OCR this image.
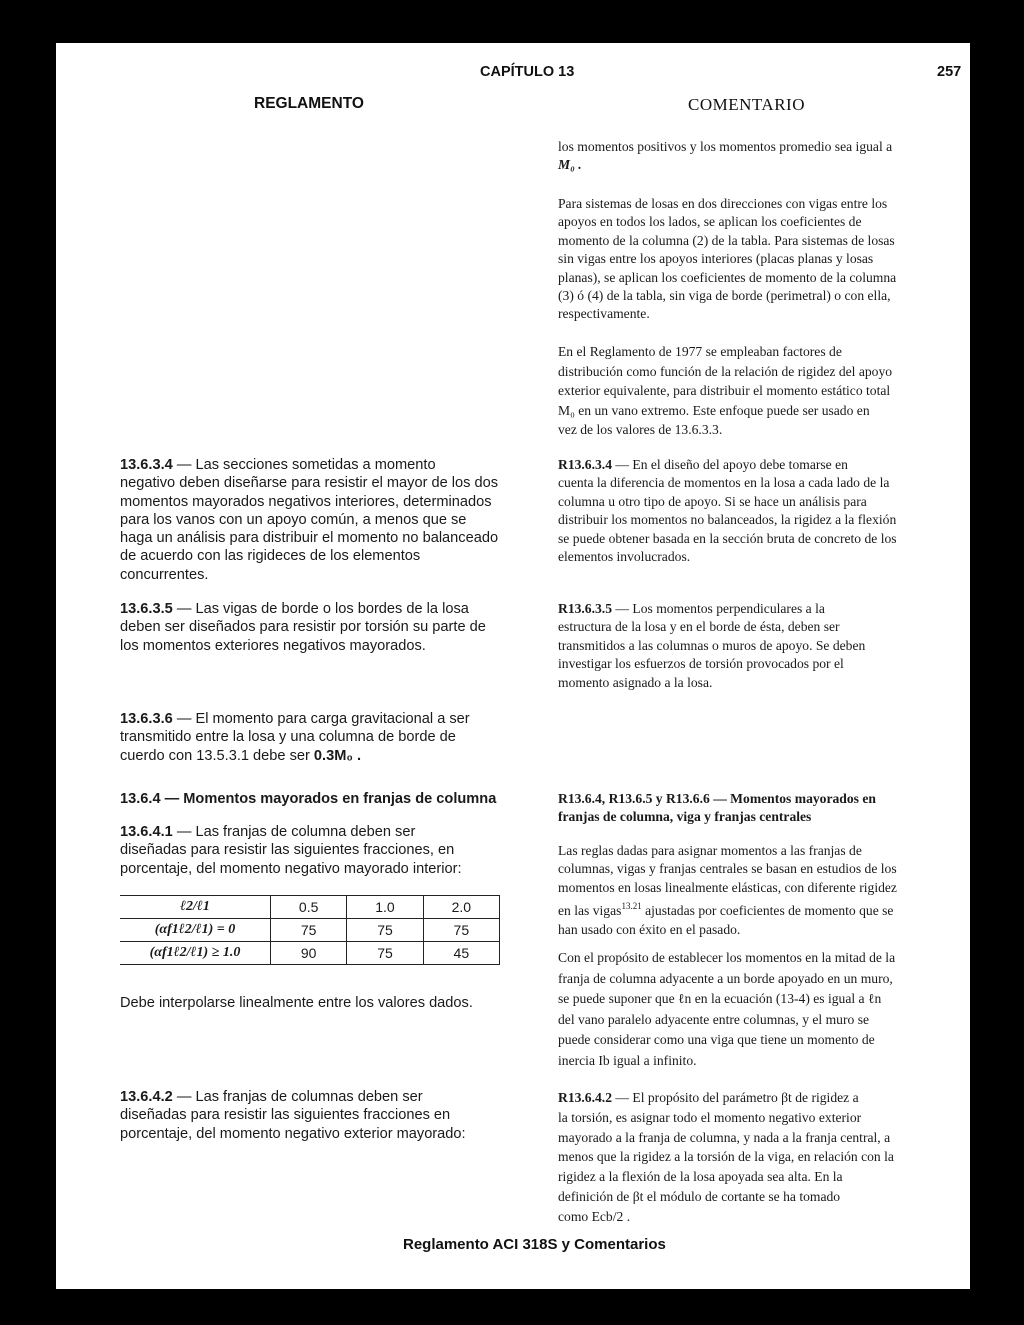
CAPÍTULO 13	257
REGLAMENTO	COMENTARIO
los momentos positivos y los momentos promedio sea igual a
M₀ .
Para sistemas de losas en dos direcciones con vigas entre los
apoyos en todos los lados, se aplican los coeficientes de
momento de la columna (2) de la tabla. Para sistemas de losas
sin vigas entre los apoyos interiores (placas planas y losas
planas), se aplican los coeficientes de momento de la columna
(3) ó (4) de la tabla, sin viga de borde (perimetral) o con ella,
respectivamente.
En el Reglamento de 1977 se empleaban factores de
distribución como función de la relación de rigidez del apoyo
exterior equivalente, para distribuir el momento estático total
M₀ en un vano extremo. Este enfoque puede ser usado en
vez de los valores de 13.6.3.3.
13.6.3.4 — Las secciones sometidas a momento
negativo deben diseñarse para resistir el mayor de los dos
momentos mayorados negativos interiores, determinados
para los vanos con un apoyo común, a menos que se
haga un análisis para distribuir el momento no balanceado
de acuerdo con las rigideces de los elementos
concurrentes.
R13.6.3.4 — En el diseño del apoyo debe tomarse en
cuenta la diferencia de momentos en la losa a cada lado de la
columna u otro tipo de apoyo. Si se hace un análisis para
distribuir los momentos no balanceados, la rigidez a la flexión
se puede obtener basada en la sección bruta de concreto de los
elementos involucrados.
13.6.3.5 — Las vigas de borde o los bordes de la losa
deben ser diseñados para resistir por torsión su parte de
los momentos exteriores negativos mayorados.
R13.6.3.5 — Los momentos perpendiculares a la
estructura de la losa y en el borde de ésta, deben ser
transmitidos a las columnas o muros de apoyo. Se deben
investigar los esfuerzos de torsión provocados por el
momento asignado a la losa.
13.6.3.6 — El momento para carga gravitacional a ser
transmitido entre la losa y una columna de borde de
cuerdo con 13.5.3.1 debe ser 0.3M₀ .
13.6.4 — Momentos mayorados en franjas de columna	R13.6.4, R13.6.5 y R13.6.6 — Momentos mayorados en
franjas de columna, viga y franjas centrales
13.6.4.1 — Las franjas de columna deben ser
diseñadas para resistir las siguientes fracciones, en
porcentaje, del momento negativo mayorado interior:
ℓ2/ℓ1	0.5	1.0	2.0
(αf1ℓ2/ℓ1) = 0	75	75	75
(αf1ℓ2/ℓ1) ≥ 1.0	90	75	45
Debe interpolarse linealmente entre los valores dados.
Las reglas dadas para asignar momentos a las franjas de
columnas, vigas y franjas centrales se basan en estudios de los
momentos en losas linealmente elásticas, con diferente rigidez
en las vigas$^{13.21}$ ajustadas por coeficientes de momento que se
han usado con éxito en el pasado.
Con el propósito de establecer los momentos en la mitad de la
franja de columna adyacente a un borde apoyado en un muro,
se puede suponer que ℓn en la ecuación (13-4) es igual a ℓn
del vano paralelo adyacente entre columnas, y el muro se
puede considerar como una viga que tiene un momento de
inercia Ib igual a infinito.
13.6.4.2 — Las franjas de columnas deben ser
diseñadas para resistir las siguientes fracciones en
porcentaje, del momento negativo exterior mayorado:
R13.6.4.2 — El propósito del parámetro βt de rigidez a
la torsión, es asignar todo el momento negativo exterior
mayorado a la franja de columna, y nada a la franja central, a
menos que la rigidez a la torsión de la viga, en relación con la
rigidez a la flexión de la losa apoyada sea alta. En la
definición de βt el módulo de cortante se ha tomado
como Ecb/2 .
Reglamento ACI 318S y Comentarios
